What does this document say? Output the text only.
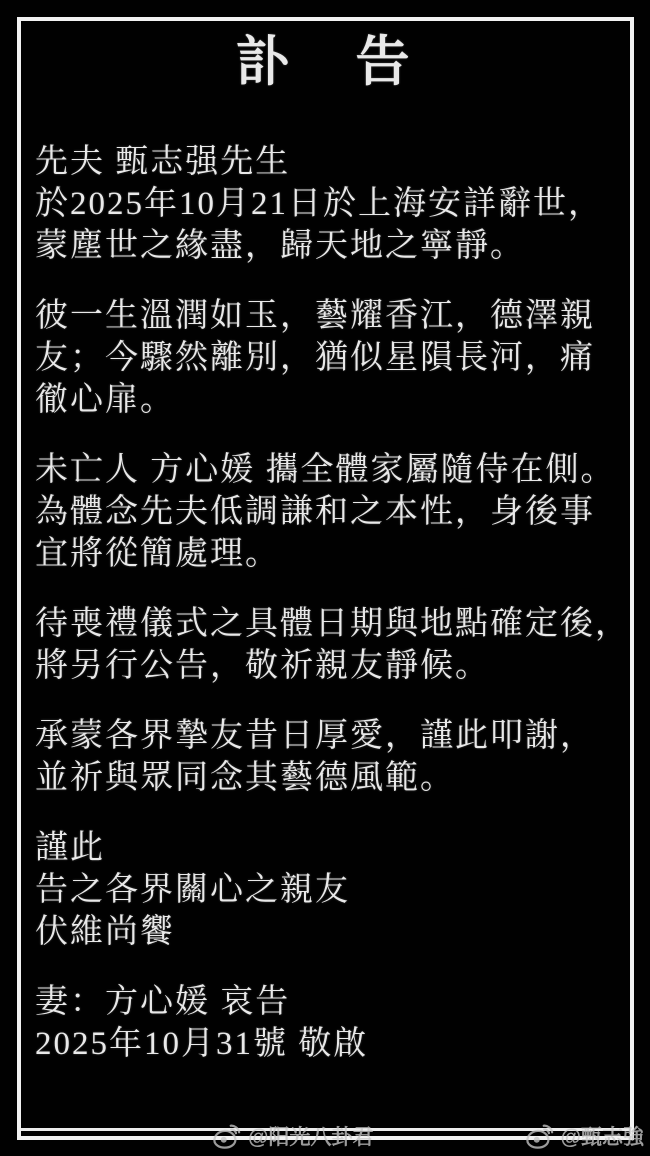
訃　告
先夫 甄志强先生
於2025年10月21日於上海安詳辭世，
蒙塵世之緣盡，歸天地之寧靜。
彼一生溫潤如玉，藝耀香江，德澤親
友；今驟然離別，猶似星隕長河，痛
徹心扉。
未亡人 方心媛 攜全體家屬隨侍在側。
為體念先夫低調謙和之本性，身後事
宜將從簡處理。
待喪禮儀式之具體日期與地點確定後，
將另行公告，敬祈親友靜候。
承蒙各界摯友昔日厚愛，謹此叩謝，
並祈與眾同念其藝德風範。
謹此
告之各界關心之親友
伏維尚饗
妻：方心媛 哀告
2025年10月31號 敬啟
@阳光八卦君	@甄志強
